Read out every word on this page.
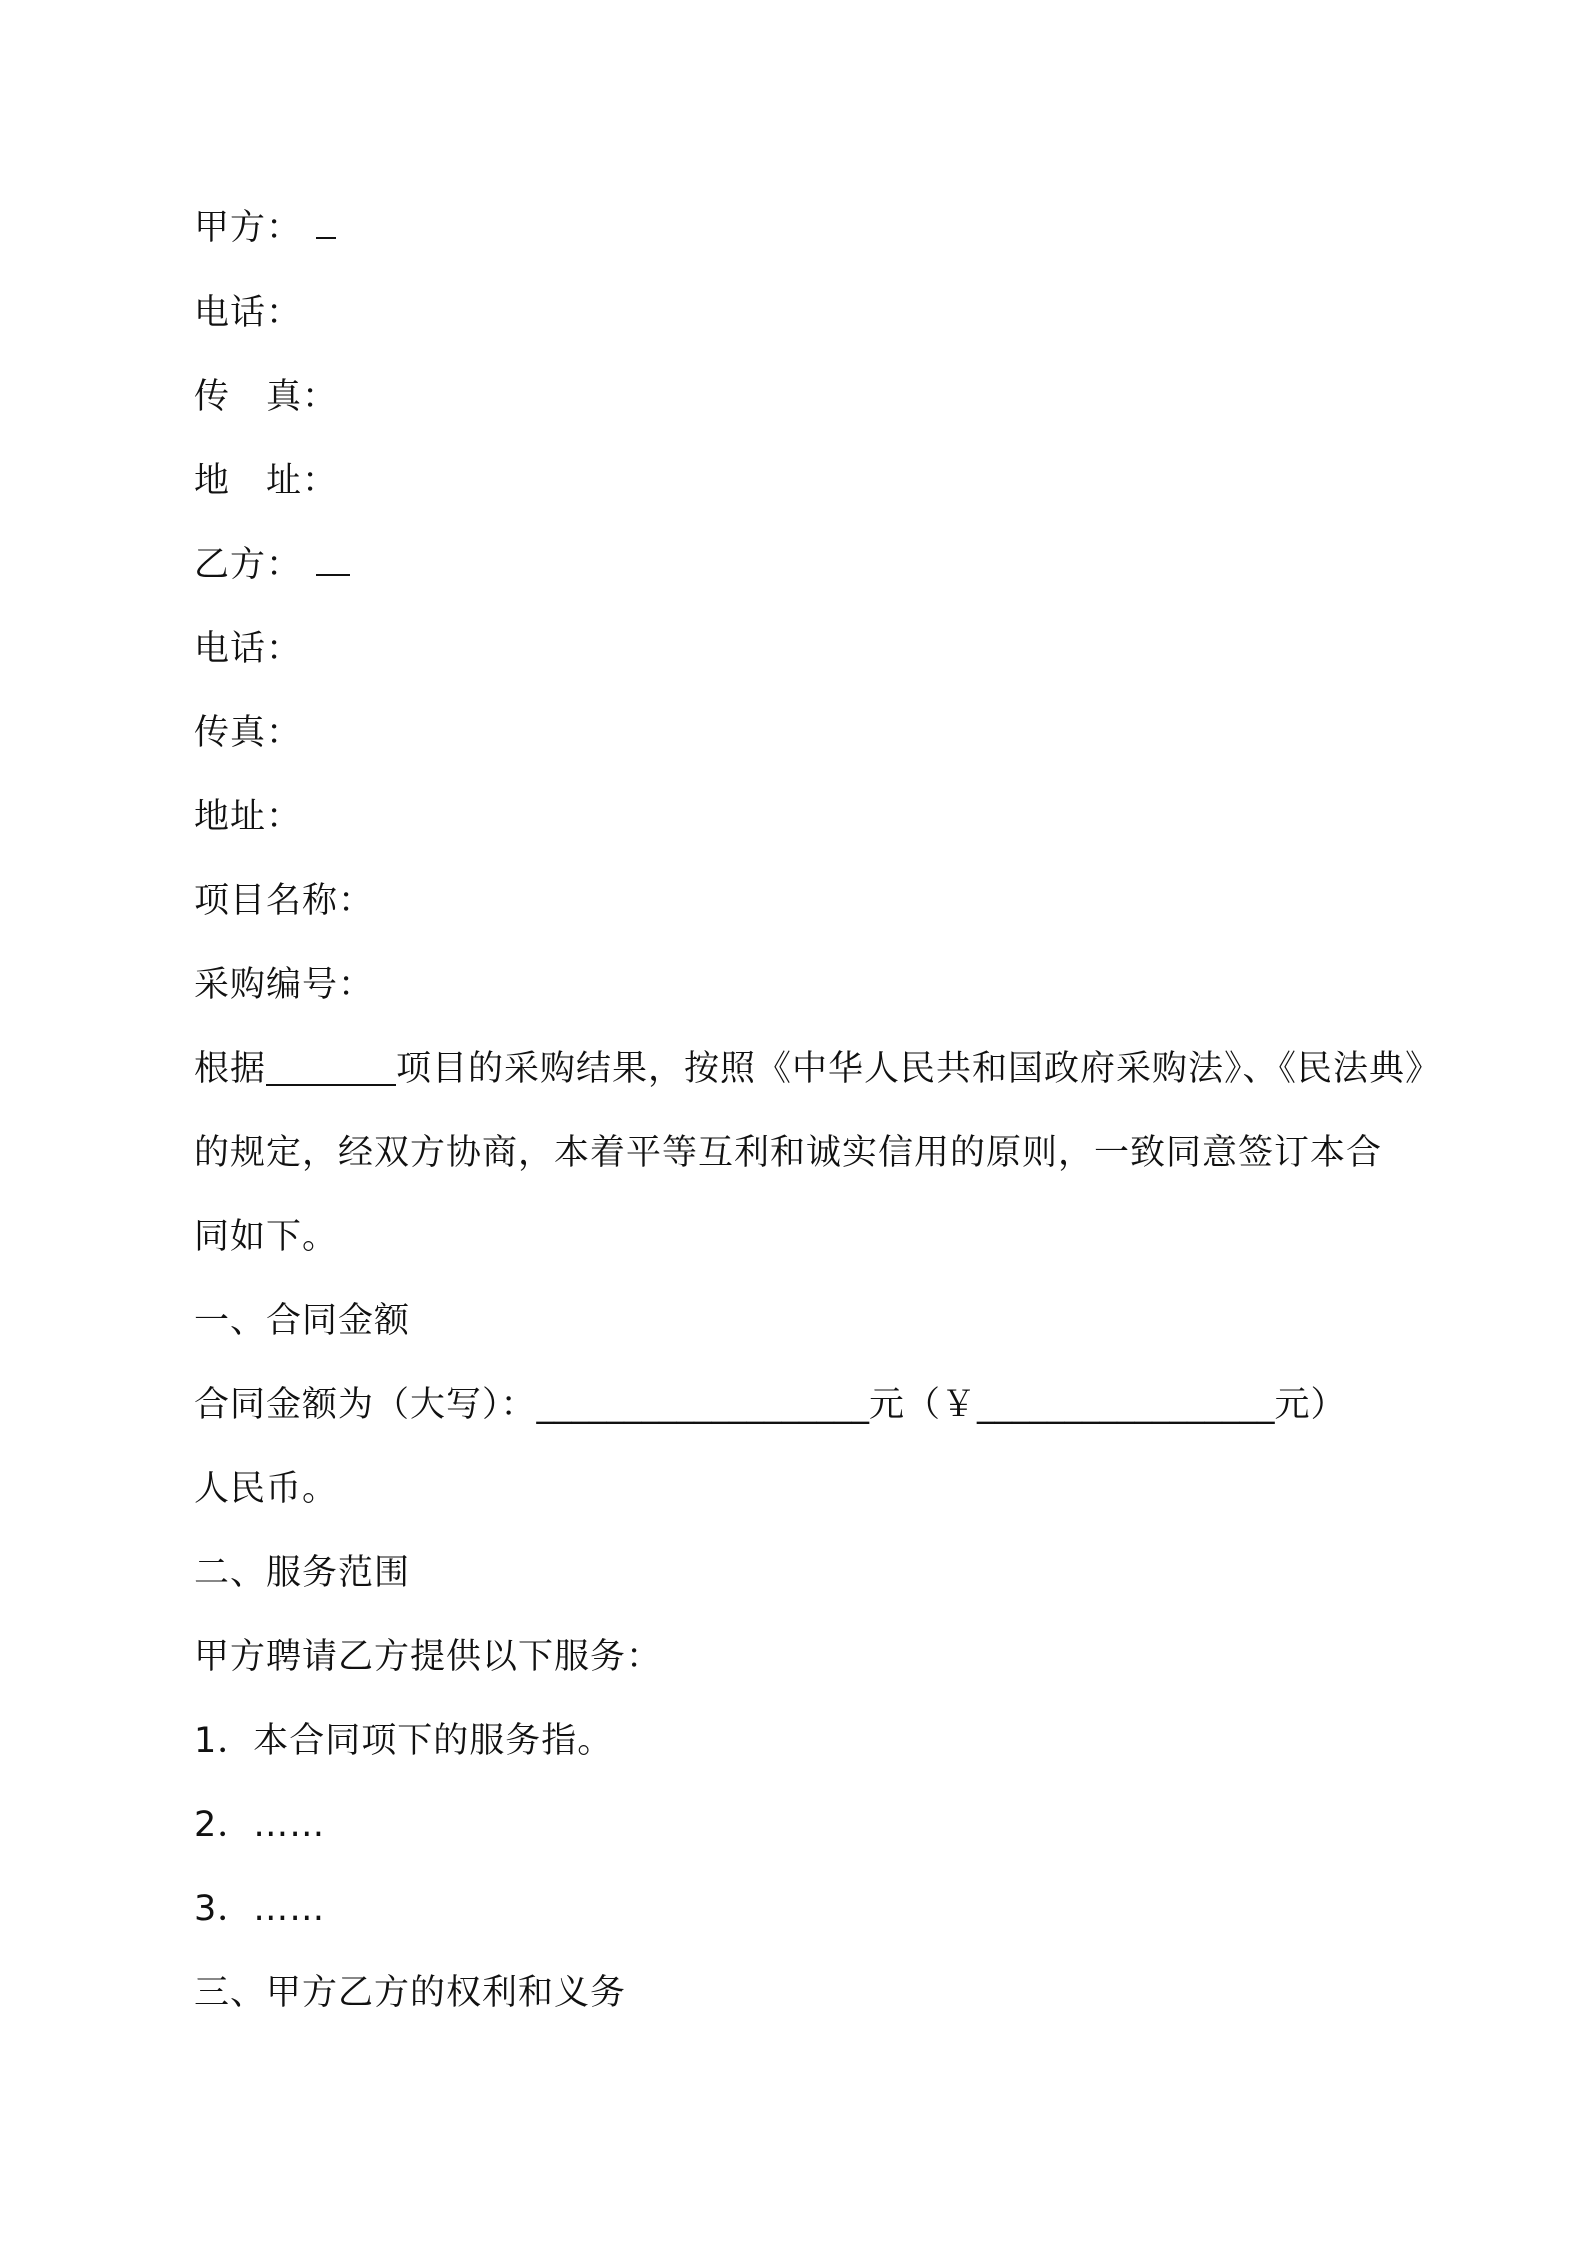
甲方：
电话：
传　真：
地　址：
乙方：
电话：
传真：
地址：
项目名称：
采购编号：
根据	项目的采购结果，按照《中华人民共和国政府采购法》、《民法典》
的规定，经双方协商，本着平等互利和诚实信用的原则，一致同意签订本合
同如下。
一、合同金额
合同金额为（大写）：___________________元（￥_________________元）
人民币。
二、服务范围
甲方聘请乙方提供以下服务：
1．本合同项下的服务指。
2．……
3．……
三、甲方乙方的权利和义务
